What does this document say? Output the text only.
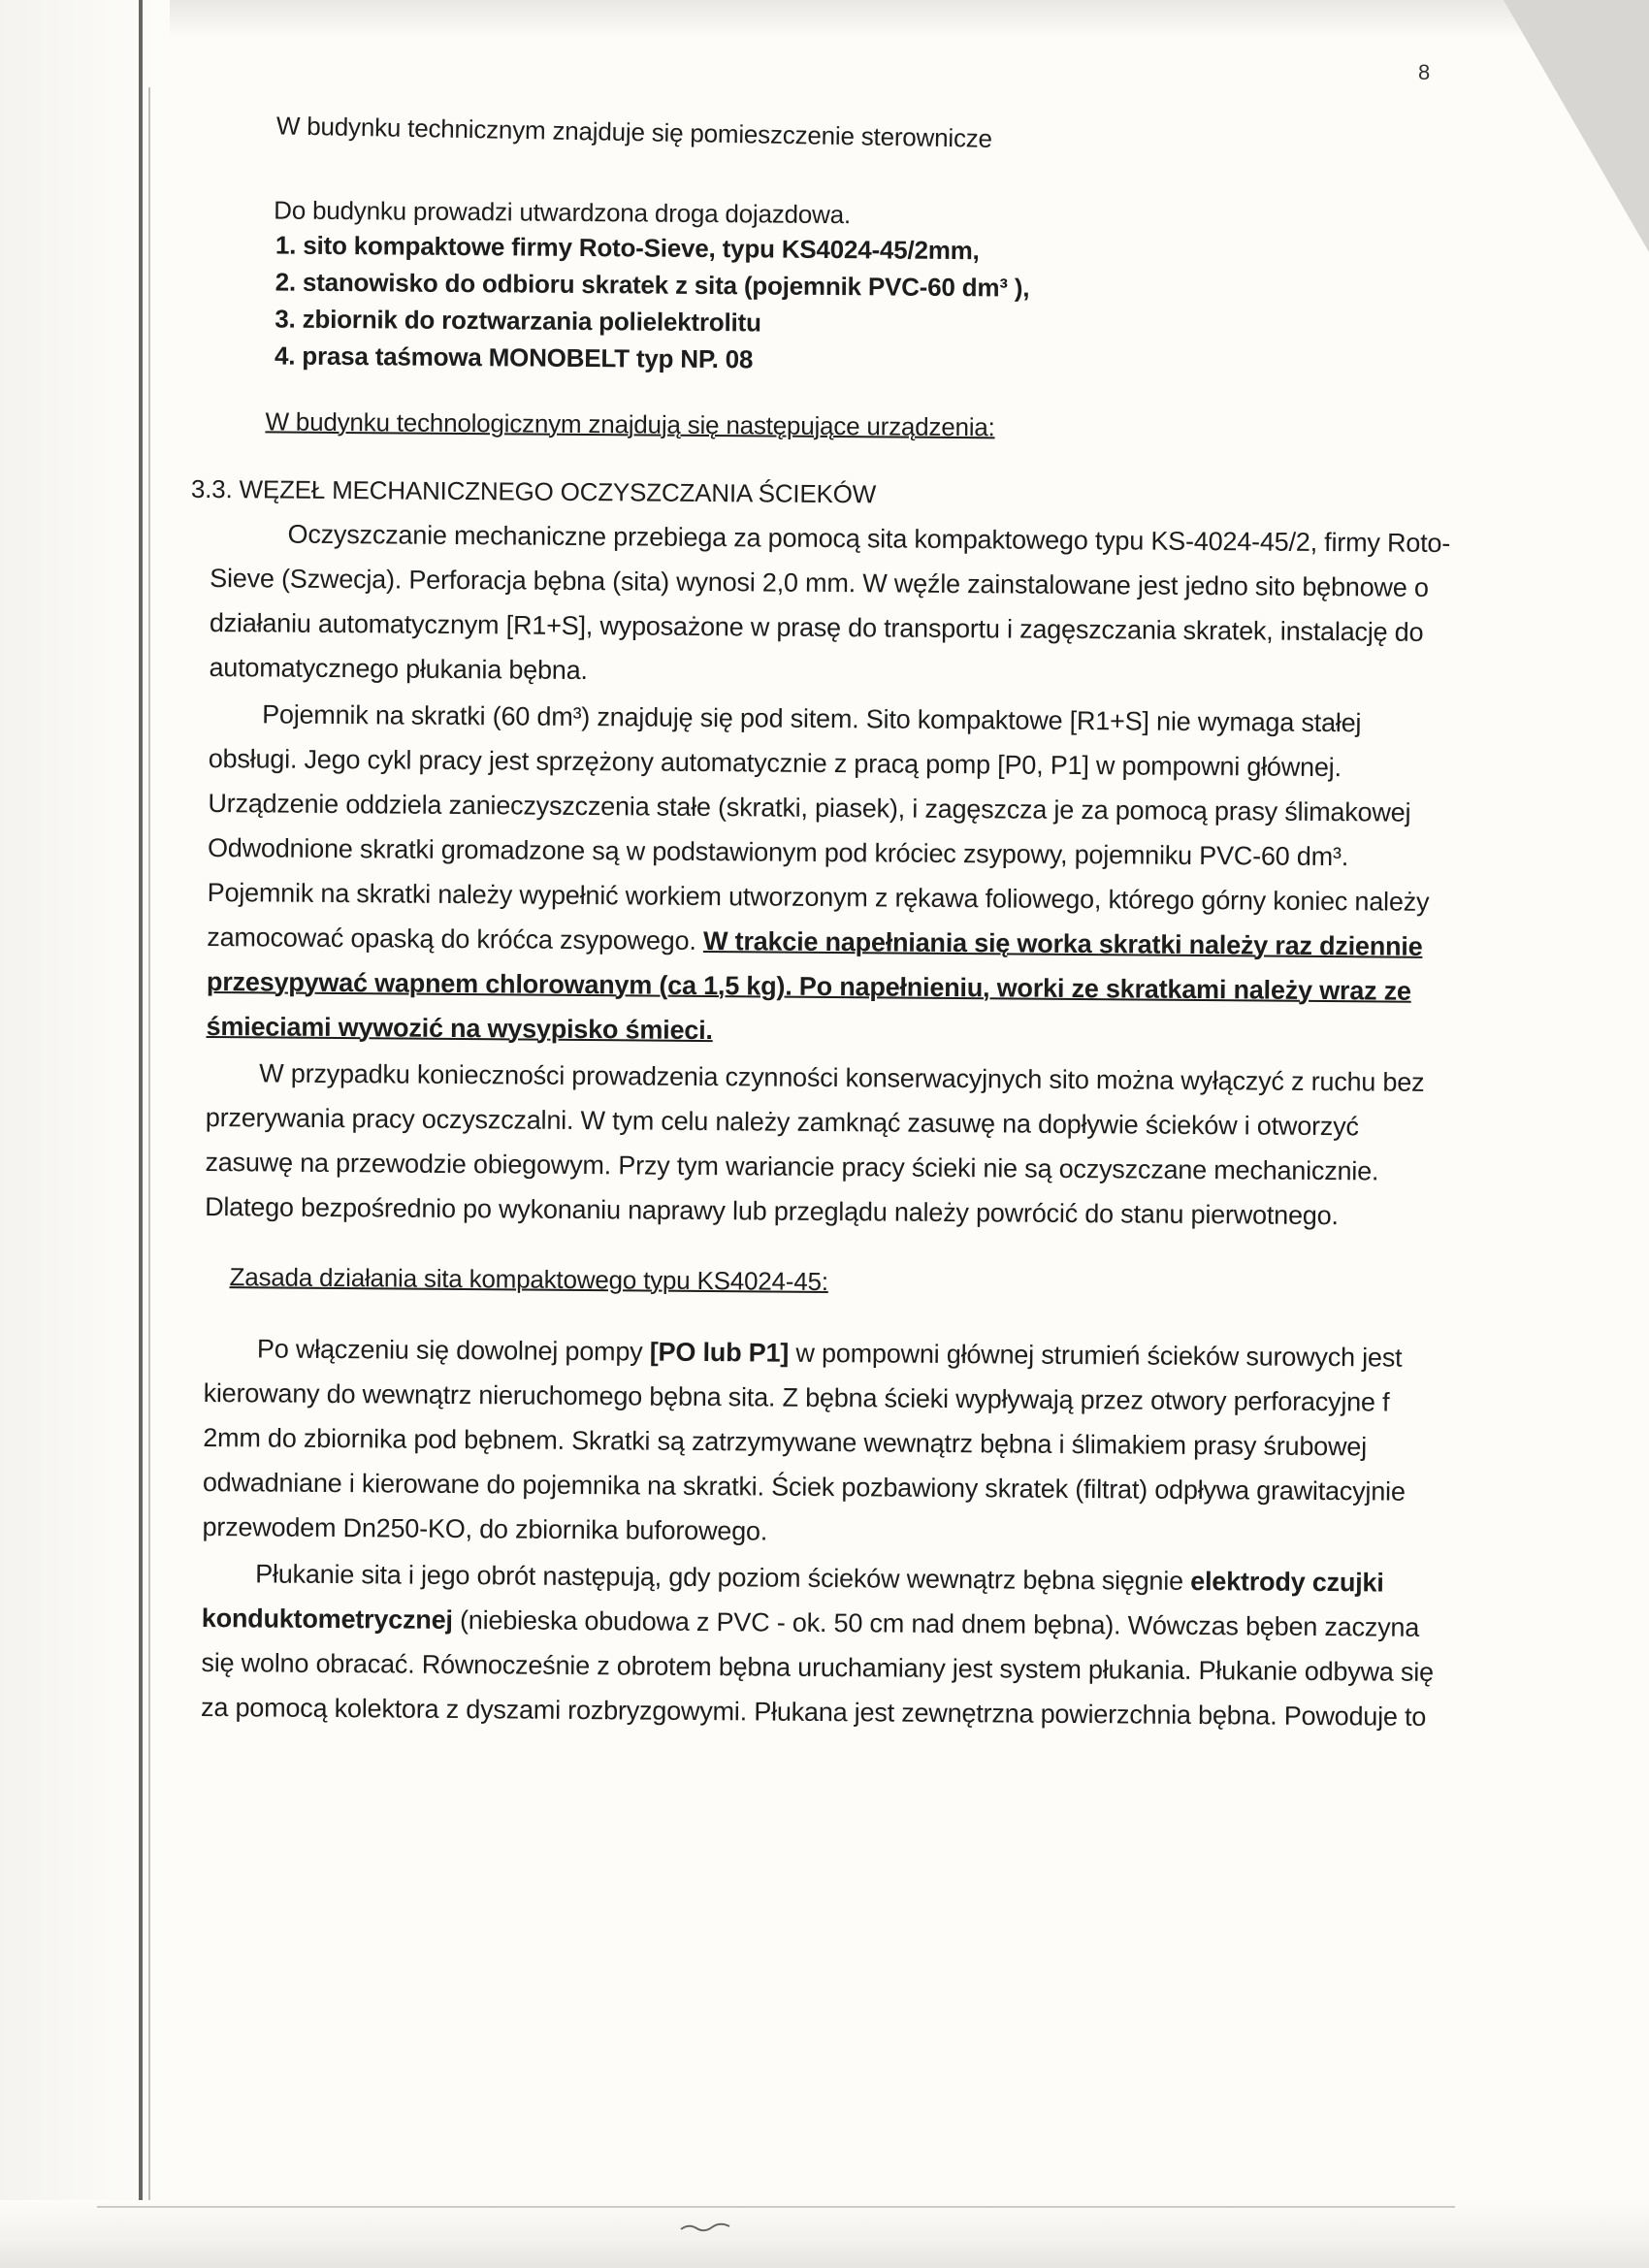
8
W budynku technicznym znajduje się pomieszczenie sterownicze
Do budynku prowadzi utwardzona droga dojazdowa.
1. sito kompaktowe firmy Roto-Sieve, typu KS4024-45/2mm,
2. stanowisko do odbioru skratek z sita (pojemnik PVC-60 dm³ ),
3. zbiornik do roztwarzania polielektrolitu
4. prasa taśmowa MONOBELT typ NP. 08
W budynku technologicznym znajdują się następujące urządzenia:
3.3. WĘZEŁ MECHANICZNEGO OCZYSZCZANIA ŚCIEKÓW
Oczyszczanie mechaniczne przebiega za pomocą sita kompaktowego typu KS-4024-45/2, firmy Roto-
Sieve (Szwecja). Perforacja bębna (sita) wynosi 2,0 mm. W węźle zainstalowane jest jedno sito bębnowe o
działaniu automatycznym [R1+S], wyposażone w prasę do transportu i zagęszczania skratek, instalację do
automatycznego płukania bębna.
Pojemnik na skratki (60 dm³) znajduję się pod sitem. Sito kompaktowe [R1+S] nie wymaga stałej
obsługi. Jego cykl pracy jest sprzężony automatycznie z pracą pomp [P0, P1] w pompowni głównej.
Urządzenie oddziela zanieczyszczenia stałe (skratki, piasek), i zagęszcza je za pomocą prasy ślimakowej
Odwodnione skratki gromadzone są w podstawionym pod króciec zsypowy, pojemniku PVC-60 dm³.
Pojemnik na skratki należy wypełnić workiem utworzonym z rękawa foliowego, którego górny koniec należy
zamocować opaską do króćca zsypowego. W trakcie napełniania się worka skratki należy raz dziennie
przesypywać wapnem chlorowanym (ca 1,5 kg). Po napełnieniu, worki ze skratkami należy wraz ze
śmieciami wywozić na wysypisko śmieci.
W przypadku konieczności prowadzenia czynności konserwacyjnych sito można wyłączyć z ruchu bez
przerywania pracy oczyszczalni. W tym celu należy zamknąć zasuwę na dopływie ścieków i otworzyć
zasuwę na przewodzie obiegowym. Przy tym wariancie pracy ścieki nie są oczyszczane mechanicznie.
Dlatego bezpośrednio po wykonaniu naprawy lub przeglądu należy powrócić do stanu pierwotnego.
Zasada działania sita kompaktowego typu KS4024-45:
Po włączeniu się dowolnej pompy [PO lub P1] w pompowni głównej strumień ścieków surowych jest
kierowany do wewnątrz nieruchomego bębna sita. Z bębna ścieki wypływają przez otwory perforacyjne f
2mm do zbiornika pod bębnem. Skratki są zatrzymywane wewnątrz bębna i ślimakiem prasy śrubowej
odwadniane i kierowane do pojemnika na skratki. Ściek pozbawiony skratek (filtrat) odpływa grawitacyjnie
przewodem Dn250-KO, do zbiornika buforowego.
Płukanie sita i jego obrót następują, gdy poziom ścieków wewnątrz bębna sięgnie elektrody czujki
konduktometrycznej (niebieska obudowa z PVC - ok. 50 cm nad dnem bębna). Wówczas bęben zaczyna
się wolno obracać. Równocześnie z obrotem bębna uruchamiany jest system płukania. Płukanie odbywa się
za pomocą kolektora z dyszami rozbryzgowymi. Płukana jest zewnętrzna powierzchnia bębna. Powoduje to
